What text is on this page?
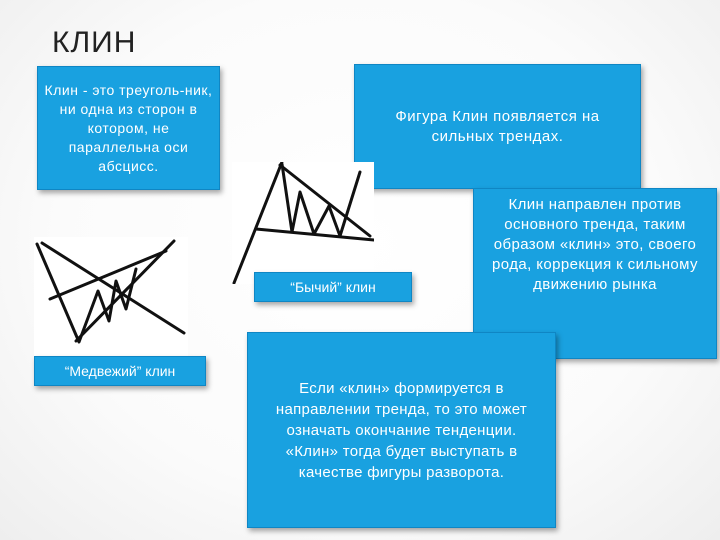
КЛИН
Клин - это треуголь-ник, ни одна из сторон в котором, не параллельна оси абсцисс.
Фигура Клин появляется на сильных трендах.
Клин направлен против основного тренда, таким образом «клин» это, своего рода, коррекция к сильному движению рынка
“Бычий” клин
“Медвежий” клин
Если «клин» формируется в направлении тренда, то это может означать окончание тенденции. «Клин» тогда будет выступать в качестве фигуры разворота.
